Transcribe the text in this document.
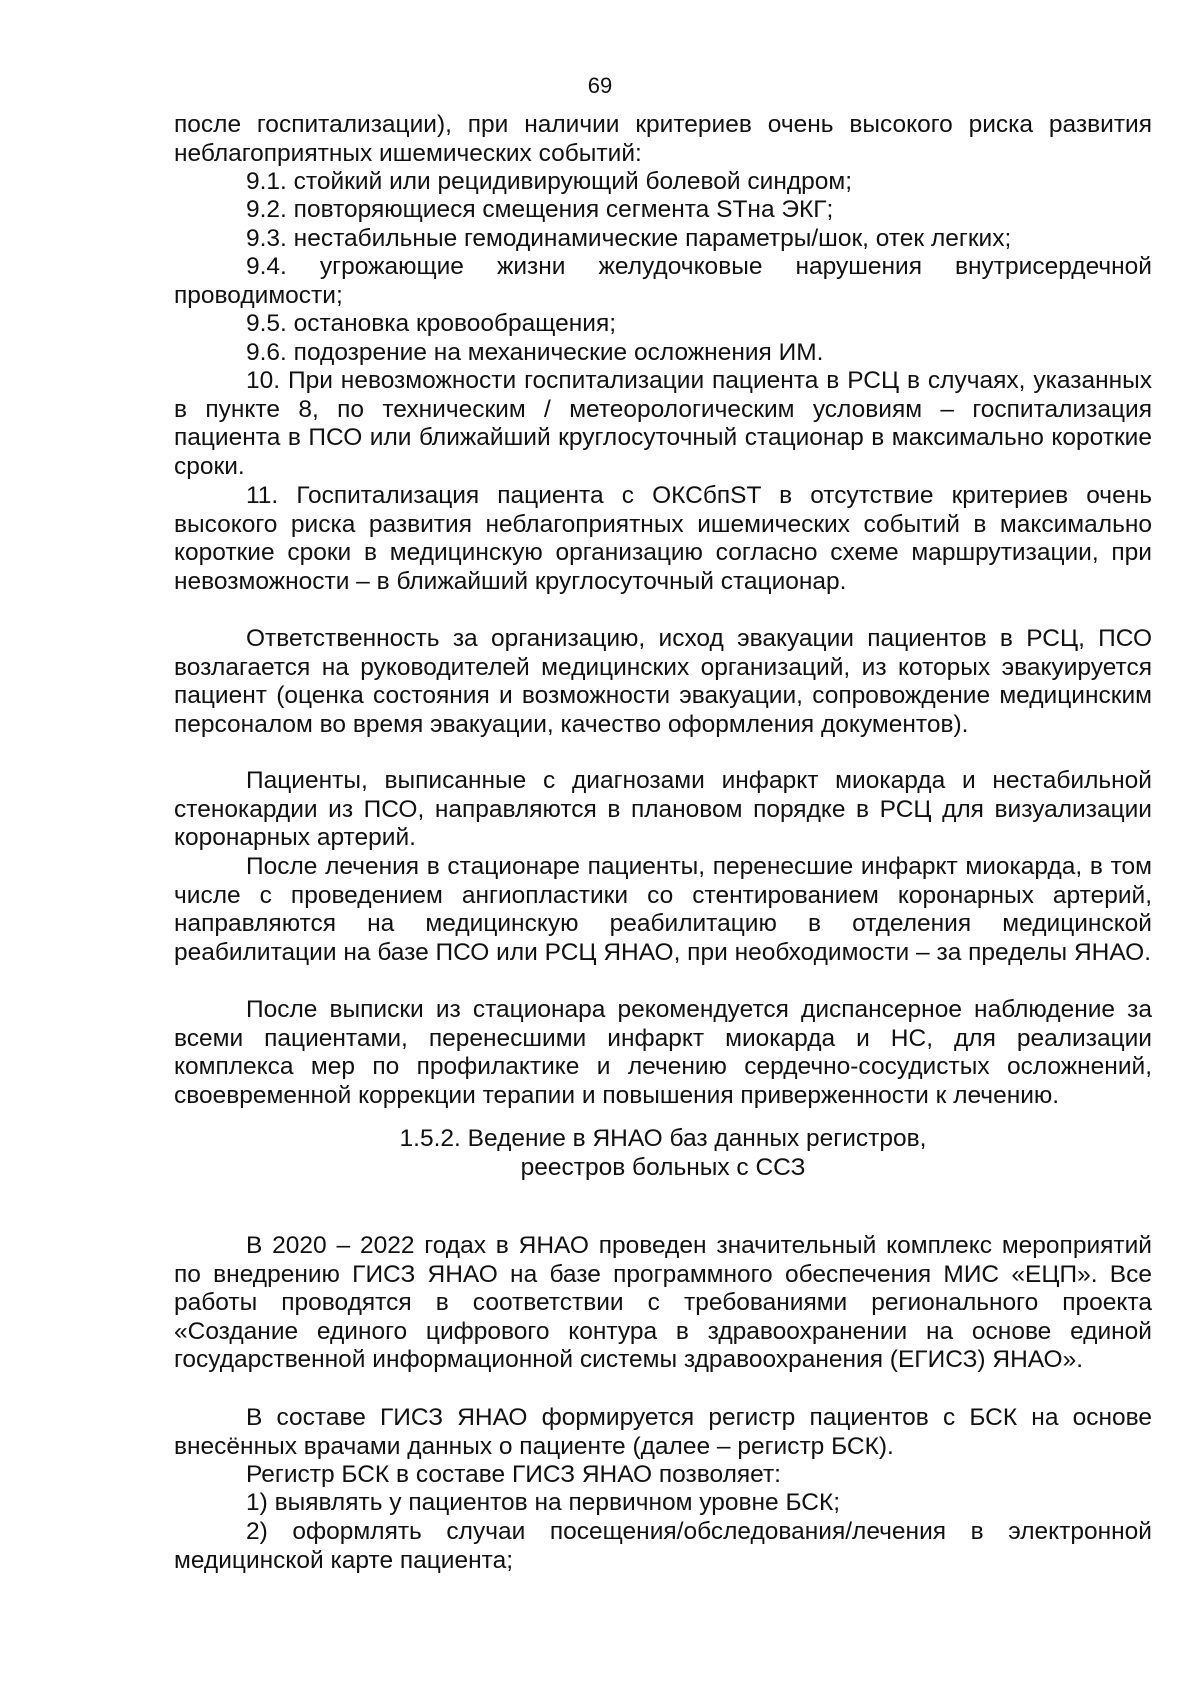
69

после госпитализации), при наличии критериев очень высокого риска развития неблагоприятных ишемических событий:

9.1. стойкий или рецидивирующий болевой синдром;

9.2. повторяющиеся смещения сегмента STна ЭКГ;

9.3. нестабильные гемодинамические параметры/шок, отек легких;

9.4. угрожающие жизни желудочковые нарушения внутрисердечной проводимости;

9.5. остановка кровообращения;

9.6. подозрение на механические осложнения ИМ.

10. При невозможности госпитализации пациента в РСЦ в случаях, указанных в пункте 8, по техническим / метеорологическим условиям – госпитализация пациента в ПСО или ближайший круглосуточный стационар в максимально короткие сроки.

11. Госпитализация пациента с ОКСбпST в отсутствие критериев очень высокого риска развития неблагоприятных ишемических событий в максимально короткие сроки в медицинскую организацию согласно схеме маршрутизации, при невозможности – в ближайший круглосуточный стационар.

Ответственность за организацию, исход эвакуации пациентов в РСЦ, ПСО возлагается на руководителей медицинских организаций, из которых эвакуируется пациент (оценка состояния и возможности эвакуации, сопровождение медицинским персоналом во время эвакуации, качество оформления документов).

Пациенты, выписанные с диагнозами инфаркт миокарда и нестабильной стенокардии из ПСО, направляются в плановом порядке в РСЦ для визуализации коронарных артерий.

После лечения в стационаре пациенты, перенесшие инфаркт миокарда, в том числе с проведением ангиопластики со стентированием коронарных артерий, направляются на медицинскую реабилитацию в отделения медицинской реабилитации на базе ПСО или РСЦ ЯНАО, при необходимости – за пределы ЯНАО.

После выписки из стационара рекомендуется диспансерное наблюдение за всеми пациентами, перенесшими инфаркт миокарда и НС, для реализации комплекса мер по профилактике и лечению сердечно-сосудистых осложнений, своевременной коррекции терапии и повышения приверженности к лечению.

1.5.2. Ведение в ЯНАО баз данных регистров,

реестров больных с ССЗ

В 2020 – 2022 годах в ЯНАО проведен значительный комплекс мероприятий по внедрению ГИСЗ ЯНАО на базе программного обеспечения МИС «ЕЦП». Все работы проводятся в соответствии с требованиями регионального проекта «Создание единого цифрового контура в здравоохранении на основе единой государственной информационной системы здравоохранения (ЕГИСЗ) ЯНАО».

В составе ГИСЗ ЯНАО формируется регистр пациентов с БСК на основе внесённых врачами данных о пациенте (далее – регистр БСК).

Регистр БСК в составе ГИСЗ ЯНАО позволяет:

1) выявлять у пациентов на первичном уровне БСК;

2) оформлять случаи посещения/обследования/лечения в электронной медицинской карте пациента;
